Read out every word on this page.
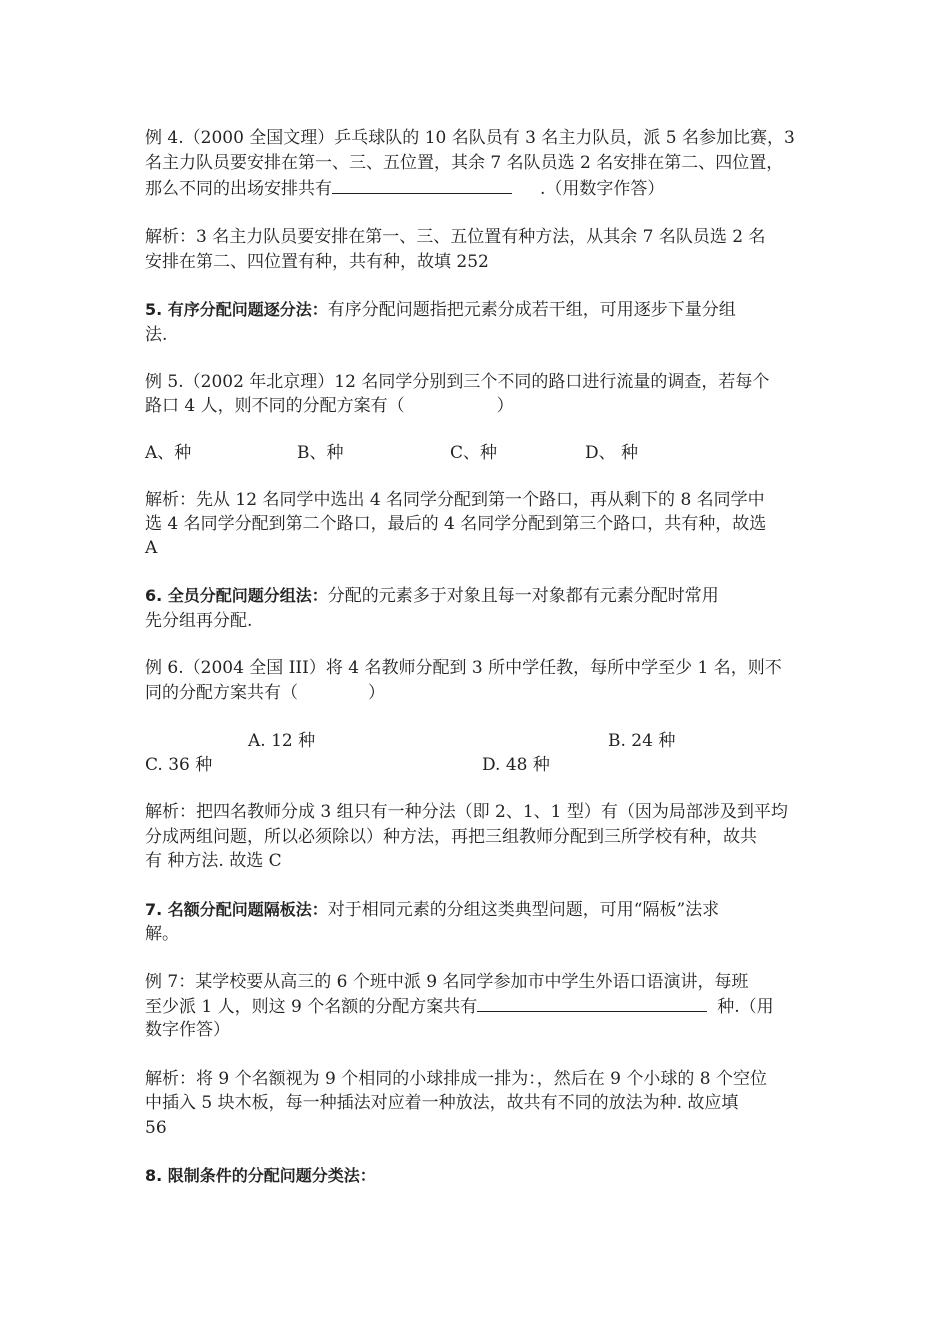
例 4.（2000 全国文理）乒乓球队的 10 名队员有 3 名主力队员，派 5 名参加比赛，3
名主力队员要安排在第一、三、五位置，其余 7 名队员选 2 名安排在第二、四位置，
那么不同的出场安排共有	.（用数字作答）
解析：3 名主力队员要安排在第一、三、五位置有种方法，从其余 7 名队员选 2 名
安排在第二、四位置有种，共有种，故填 252
5. 有序分配问题逐分法：有序分配问题指把元素分成若干组，可用逐步下量分组
法.
例 5.（2002 年北京理）12 名同学分别到三个不同的路口进行流量的调查，若每个
路口 4 人，则不同的分配方案有（	）
A、种	B、种	C、种	D、 种
解析：先从 12 名同学中选出 4 名同学分配到第一个路口，再从剩下的 8 名同学中
选 4 名同学分配到第二个路口，最后的 4 名同学分配到第三个路口，共有种，故选
A
6. 全员分配问题分组法：分配的元素多于对象且每一对象都有元素分配时常用
先分组再分配.
例 6.（2004 全国 III）将 4 名教师分配到 3 所中学任教，每所中学至少 1 名，则不
同的分配方案共有（	）
A. 12 种	B. 24 种
C. 36 种	D. 48 种
解析：把四名教师分成 3 组只有一种分法（即 2、1、1 型）有（因为局部涉及到平均
分成两组问题，所以必须除以）种方法，再把三组教师分配到三所学校有种，故共
有 种方法. 故选 C
7. 名额分配问题隔板法：对于相同元素的分组这类典型问题，可用“隔板”法求
解。
例 7：某学校要从高三的 6 个班中派 9 名同学参加市中学生外语口语演讲，每班
至少派 1 人，则这 9 个名额的分配方案共有	种.（用
数字作答）
解析：将 9 个名额视为 9 个相同的小球排成一排为：，然后在 9 个小球的 8 个空位
中插入 5 块木板，每一种插法对应着一种放法，故共有不同的放法为种. 故应填
56
8. 限制条件的分配问题分类法：
